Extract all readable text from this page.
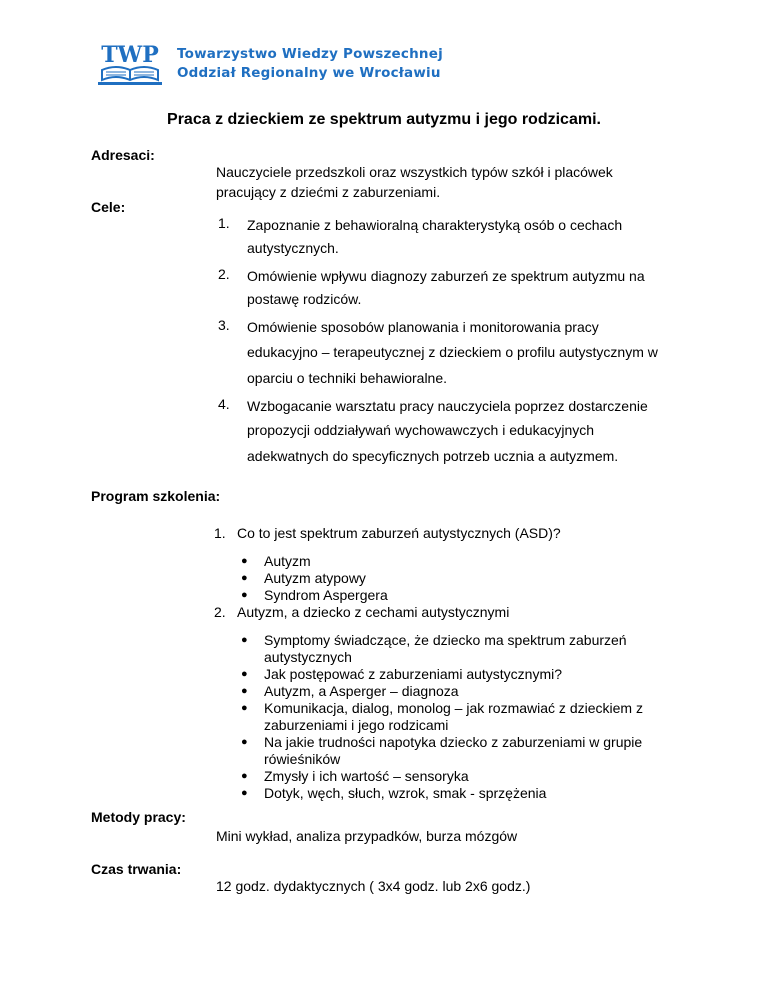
TWP Towarzystwo Wiedzy Powszechnej
Oddział Regionalny we Wrocławiu
Praca z dzieckiem ze spektrum autyzmu i jego rodzicami.
Adresaci:
Nauczyciele przedszkoli oraz wszystkich typów szkół i placówek pracujący z dziećmi z zaburzeniami.
Cele:
1. Zapoznanie z behawioralną charakterystyką osób o cechach
autystycznych.
2. Omówienie wpływu diagnozy zaburzeń ze spektrum autyzmu na
postawę rodziców.
3. Omówienie sposobów planowania i monitorowania pracy
edukacyjno – terapeutycznej z dzieckiem o profilu autystycznym w
oparciu o techniki behawioralne.
4. Wzbogacanie warsztatu pracy nauczyciela poprzez dostarczenie
propozycji oddziaływań wychowawczych i edukacyjnych
adekwatnych do specyficznych potrzeb ucznia a autyzmem.
Program szkolenia:
1. Co to jest spektrum zaburzeń autystycznych (ASD)?
● Autyzm
● Autyzm atypowy
● Syndrom Aspergera
2. Autyzm, a dziecko z cechami autystycznymi
● Symptomy świadczące, że dziecko ma spektrum zaburzeń autystycznych
● Jak postępować z zaburzeniami autystycznymi?
● Autyzm, a Asperger – diagnoza
● Komunikacja, dialog, monolog – jak rozmawiać z dzieckiem z zaburzeniami i jego rodzicami
● Na jakie trudności napotyka dziecko z zaburzeniami w grupie rówieśników
● Zmysły i ich wartość – sensoryka
● Dotyk, węch, słuch, wzrok, smak - sprzężenia
Metody pracy:
Mini wykład, analiza przypadków, burza mózgów
Czas trwania:
12 godz. dydaktycznych ( 3x4 godz. lub 2x6 godz.)
